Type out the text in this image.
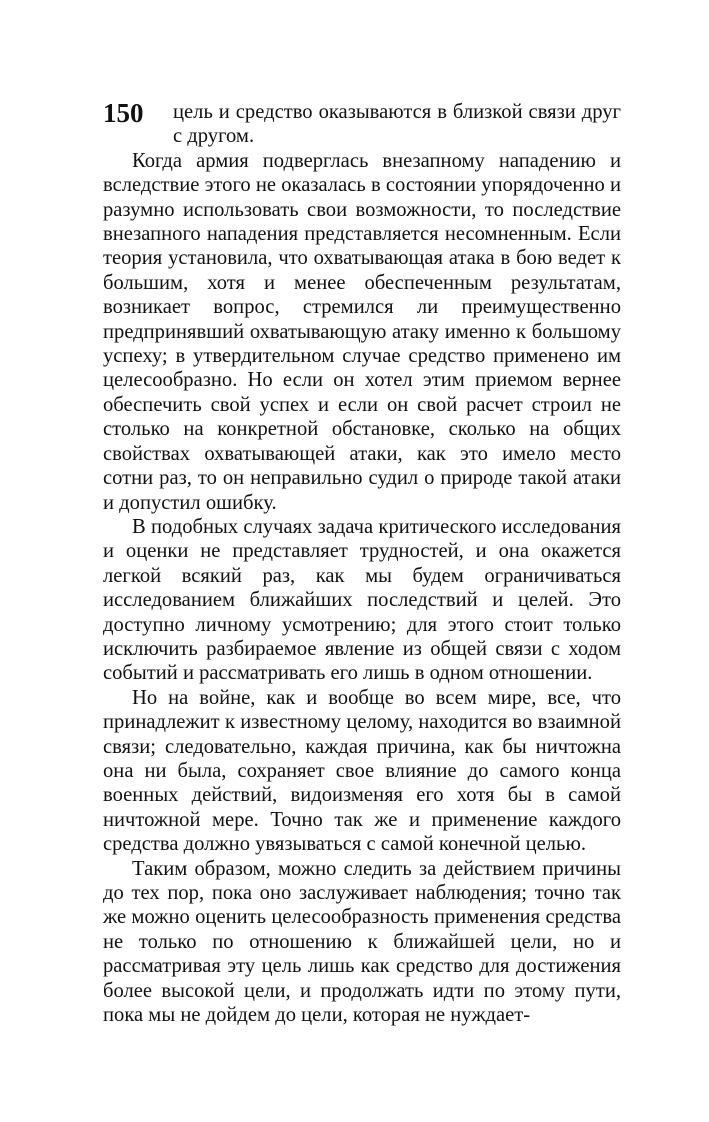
150	цель и средство оказываются в близкой связи друг с другом.

Когда армия подверглась внезапному нападению и вследствие этого не оказалась в состоянии упорядоченно и разумно использовать свои возможности, то последствие внезапного нападения представляется несомненным. Если теория установила, что охватывающая атака в бою ведет к большим, хотя и менее обеспеченным результатам, возникает вопрос, стремился ли преимущественно предпринявший охватывающую атаку именно к большому успеху; в утвердительном случае средство применено им целесообразно. Но если он хотел этим приемом вернее обеспечить свой успех и если он свой расчет строил не столько на конкретной обстановке, сколько на общих свойствах охватывающей атаки, как это имело место сотни раз, то он неправильно судил о природе такой атаки и допустил ошибку.

В подобных случаях задача критического исследования и оценки не представляет трудностей, и она окажется легкой всякий раз, как мы будем ограничиваться исследованием ближайших последствий и целей. Это доступно личному усмотрению; для этого стоит только исключить разбираемое явление из общей связи с ходом событий и рассматривать его лишь в одном отношении.

Но на войне, как и вообще во всем мире, все, что принадлежит к известному целому, находится во взаимной связи; следовательно, каждая причина, как бы ничтожна она ни была, сохраняет свое влияние до самого конца военных действий, видоизменяя его хотя бы в самой ничтожной мере. Точно так же и применение каждого средства должно увязываться с самой конечной целью.

Таким образом, можно следить за действием причины до тех пор, пока оно заслуживает наблюдения; точно так же можно оценить целесообразность применения средства не только по отношению к ближайшей цели, но и рассматривая эту цель лишь как средство для достижения более высокой цели, и продолжать идти по этому пути, пока мы не дойдем до цели, которая не нуждает-
